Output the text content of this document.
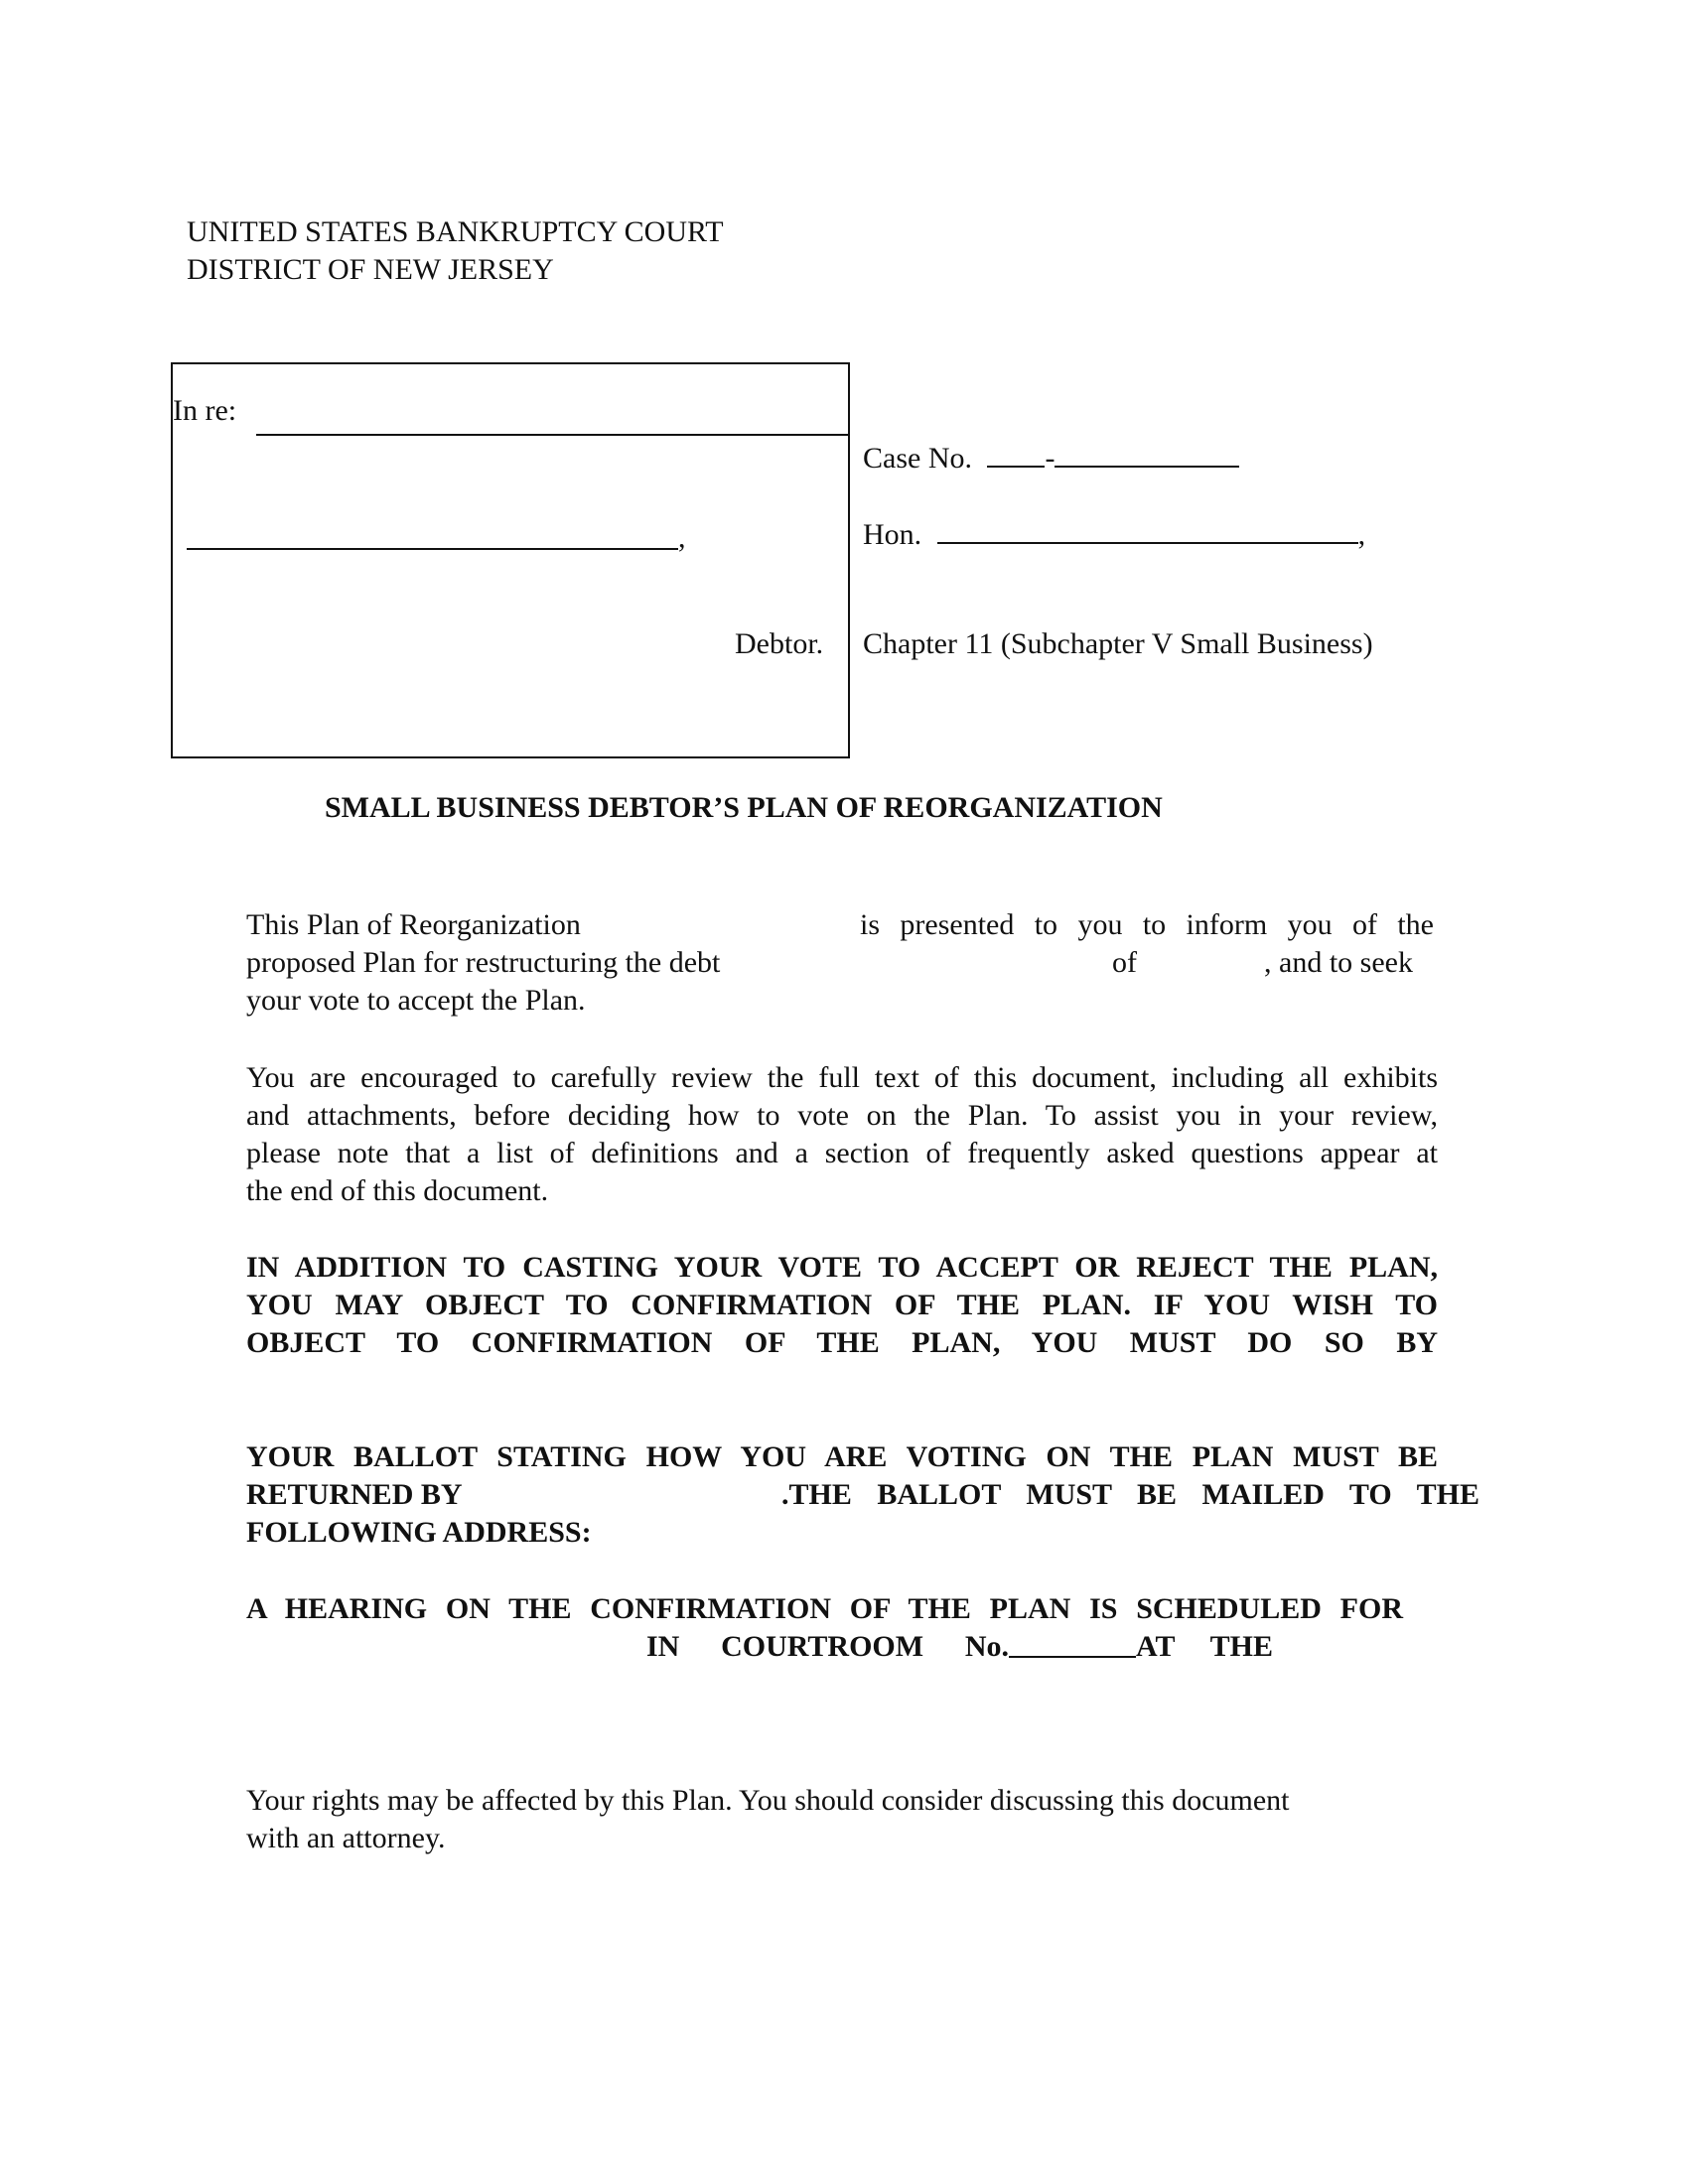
UNITED STATES BANKRUPTCY COURT
DISTRICT OF NEW JERSEY
In re:
,
Debtor.
Case No. -
Hon.	,
Chapter 11 (Subchapter V Small Business)
SMALL BUSINESS DEBTOR’S PLAN OF REORGANIZATION
This Plan of Reorganization	is presented to you to inform you of the
proposed Plan for restructuring the debt	of	, and to seek
your vote to accept the Plan.
You are encouraged to carefully review the full text of this document, including all exhibits
and attachments, before deciding how to vote on the Plan. To assist you in your review,
please note that a list of definitions and a section of frequently asked questions appear at
the end of this document.
IN ADDITION TO CASTING YOUR VOTE TO ACCEPT OR REJECT THE PLAN,
YOU MAY OBJECT TO CONFIRMATION OF THE PLAN. IF YOU WISH TO
OBJECT TO CONFIRMATION OF THE PLAN, YOU MUST DO SO BY
YOUR BALLOT STATING HOW YOU ARE VOTING ON THE PLAN MUST BE
RETURNED BY	.THE BALLOT MUST BE MAILED TO THE
FOLLOWING ADDRESS:
A HEARING ON THE CONFIRMATION OF THE PLAN IS SCHEDULED FOR
IN COURTROOM No.	AT THE
Your rights may be affected by this Plan. You should consider discussing this document
with an attorney.
